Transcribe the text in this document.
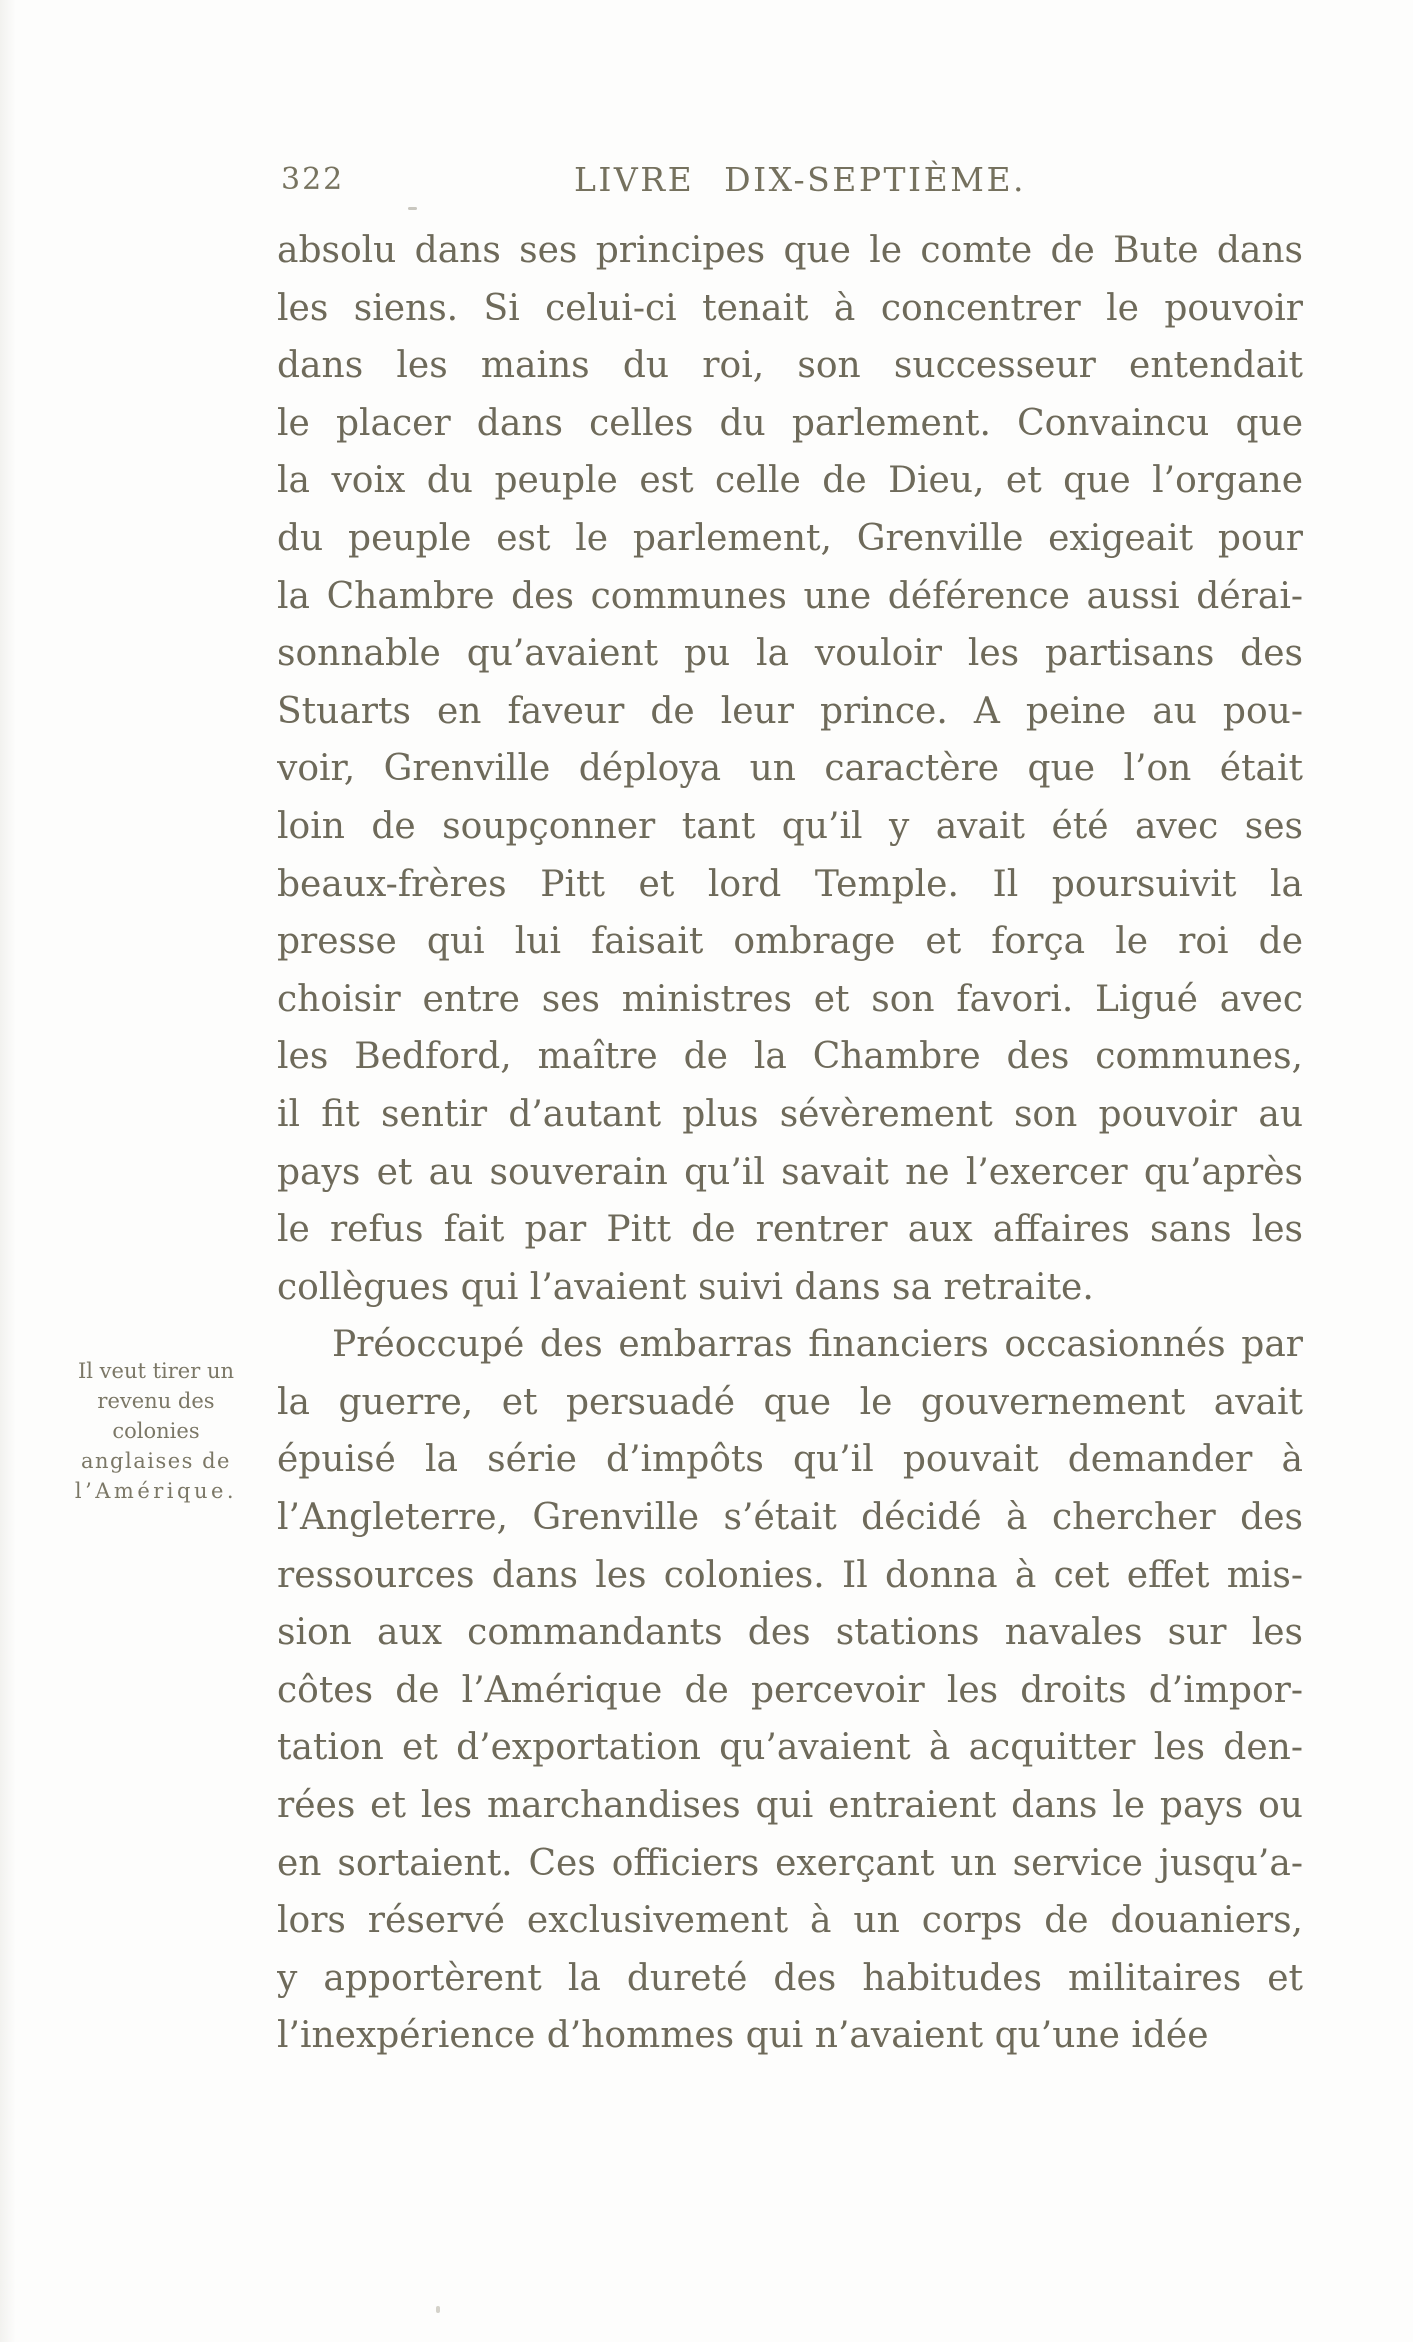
322	LIVRE DIX-SEPTIÈME.
Il veut tirer un
revenu des
colonies
anglaises de
l’Amérique.
absolu dans ses principes que le comte de Bute dans
les siens. Si celui-ci tenait à concentrer le pouvoir
dans les mains du roi, son successeur entendait
le placer dans celles du parlement. Convaincu que
la voix du peuple est celle de Dieu, et que l’organe
du peuple est le parlement, Grenville exigeait pour
la Chambre des communes une déférence aussi dérai-
sonnable qu’avaient pu la vouloir les partisans des
Stuarts en faveur de leur prince. A peine au pou-
voir, Grenville déploya un caractère que l’on était
loin de soupçonner tant qu’il y avait été avec ses
beaux-frères Pitt et lord Temple. Il poursuivit la
presse qui lui faisait ombrage et força le roi de
choisir entre ses ministres et son favori. Ligué avec
les Bedford, maître de la Chambre des communes,
il fit sentir d’autant plus sévèrement son pouvoir au
pays et au souverain qu’il savait ne l’exercer qu’après
le refus fait par Pitt de rentrer aux affaires sans les
collègues qui l’avaient suivi dans sa retraite.
Préoccupé des embarras financiers occasionnés par
la guerre, et persuadé que le gouvernement avait
épuisé la série d’impôts qu’il pouvait demander à
l’Angleterre, Grenville s’était décidé à chercher des
ressources dans les colonies. Il donna à cet effet mis-
sion aux commandants des stations navales sur les
côtes de l’Amérique de percevoir les droits d’impor-
tation et d’exportation qu’avaient à acquitter les den-
rées et les marchandises qui entraient dans le pays ou
en sortaient. Ces officiers exerçant un service jusqu’a-
lors réservé exclusivement à un corps de douaniers,
y apportèrent la dureté des habitudes militaires et
l’inexpérience d’hommes qui n’avaient qu’une idée
